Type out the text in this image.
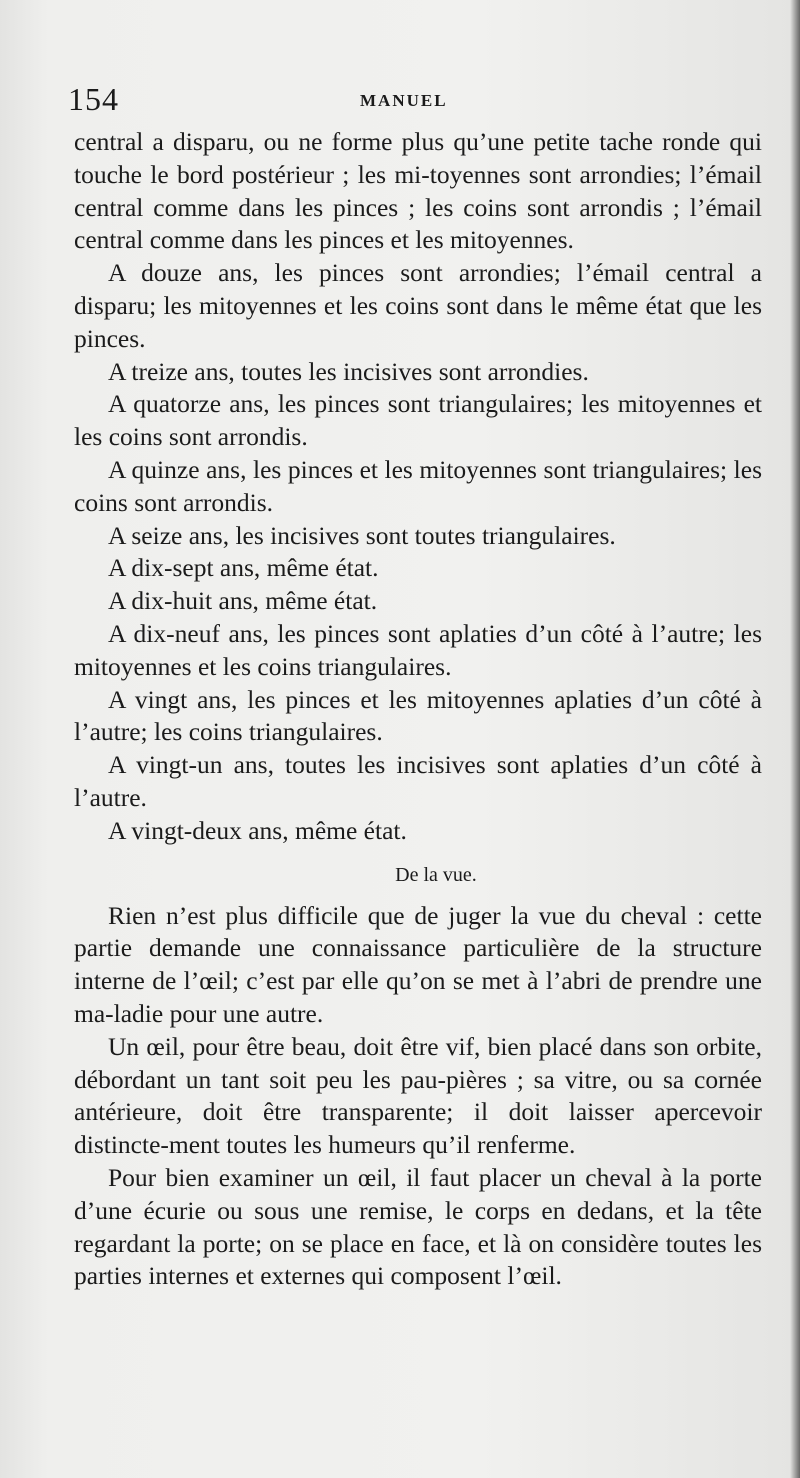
154	MANUEL

central a disparu, ou ne forme plus qu’une petite tache ronde qui touche le bord postérieur ; les mi-toyennes sont arrondies; l’émail central comme dans les pinces ; les coins sont arrondis ; l’émail central comme dans les pinces et les mitoyennes.

A douze ans, les pinces sont arrondies; l’émail central a disparu; les mitoyennes et les coins sont dans le même état que les pinces.

A treize ans, toutes les incisives sont arrondies.

A quatorze ans, les pinces sont triangulaires; les mitoyennes et les coins sont arrondis.

A quinze ans, les pinces et les mitoyennes sont triangulaires; les coins sont arrondis.

A seize ans, les incisives sont toutes triangulaires.

A dix-sept ans, même état.

A dix-huit ans, même état.

A dix-neuf ans, les pinces sont aplaties d’un côté à l’autre; les mitoyennes et les coins triangulaires.

A vingt ans, les pinces et les mitoyennes aplaties d’un côté à l’autre; les coins triangulaires.

A vingt-un ans, toutes les incisives sont aplaties d’un côté à l’autre.

A vingt-deux ans, même état.

De la vue.

Rien n’est plus difficile que de juger la vue du cheval : cette partie demande une connaissance particulière de la structure interne de l’œil; c’est par elle qu’on se met à l’abri de prendre une ma-ladie pour une autre.

Un œil, pour être beau, doit être vif, bien placé dans son orbite, débordant un tant soit peu les pau-pières ; sa vitre, ou sa cornée antérieure, doit être transparente; il doit laisser apercevoir distincte-ment toutes les humeurs qu’il renferme.

Pour bien examiner un œil, il faut placer un cheval à la porte d’une écurie ou sous une remise, le corps en dedans, et la tête regardant la porte; on se place en face, et là on considère toutes les parties internes et externes qui composent l’œil.
